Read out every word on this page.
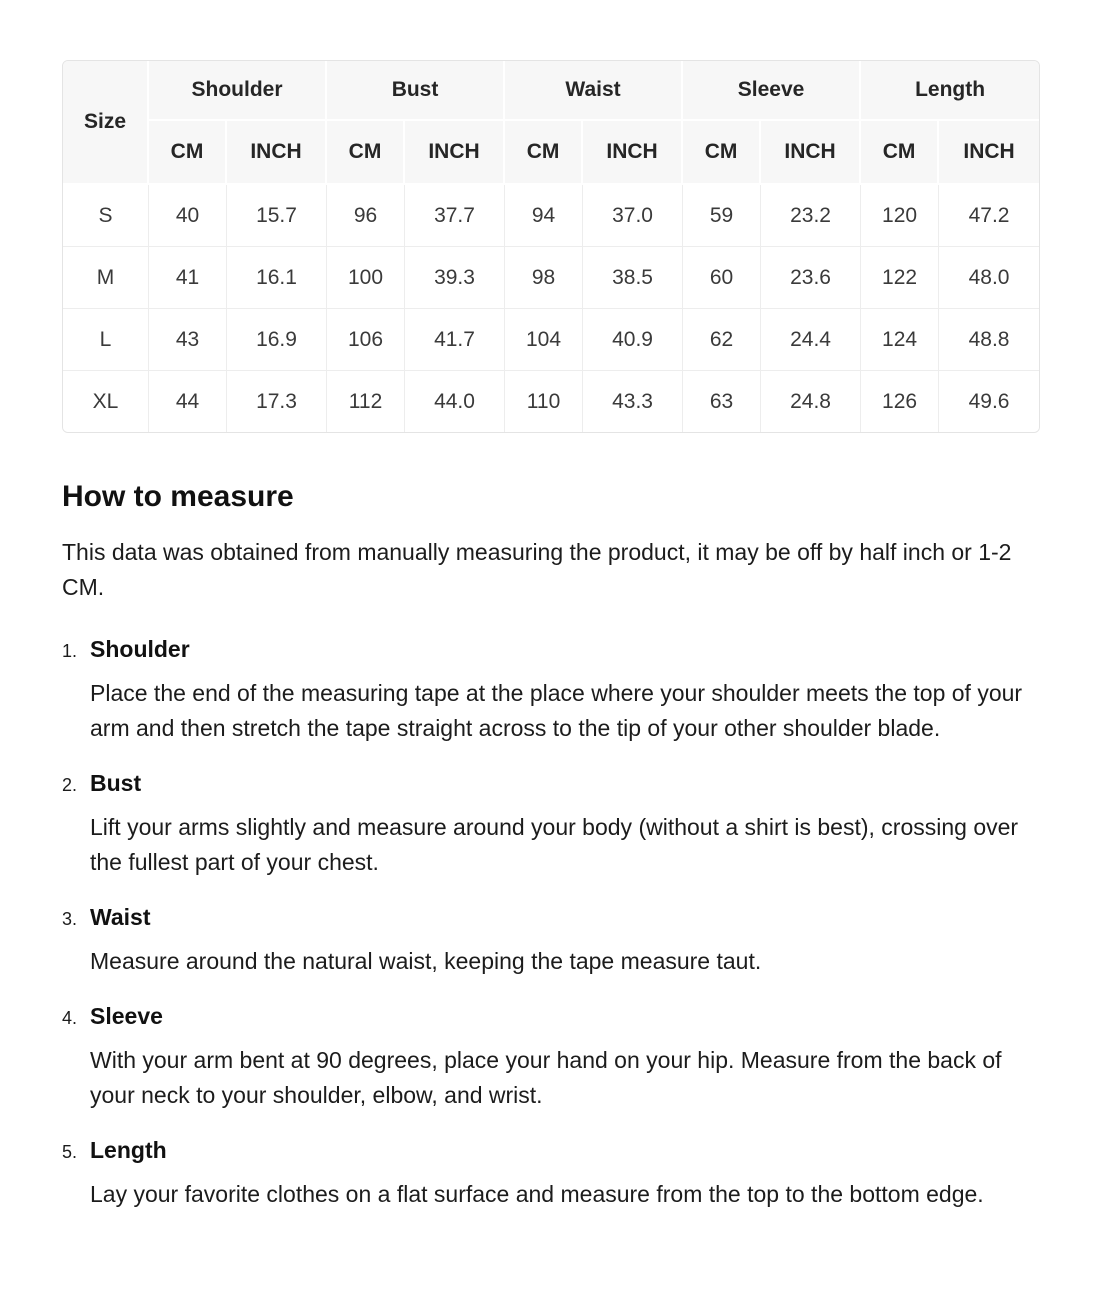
Size	Shoulder		Bust		Waist		Sleeve		Length	
	CM	INCH	CM	INCH	CM	INCH	CM	INCH	CM	INCH
S	40	15.7	96	37.7	94	37.0	59	23.2	120	47.2
M	41	16.1	100	39.3	98	38.5	60	23.6	122	48.0
L	43	16.9	106	41.7	104	40.9	62	24.4	124	48.8
XL	44	17.3	112	44.0	110	43.3	63	24.8	126	49.6
How to measure

This data was obtained from manually measuring the product, it may be off by half inch or 1-2 CM.

1. Shoulder

Place the end of the measuring tape at the place where your shoulder meets the top of your arm and then stretch the tape straight across to the tip of your other shoulder blade.

2. Bust

Lift your arms slightly and measure around your body (without a shirt is best), crossing over the fullest part of your chest.

3. Waist

Measure around the natural waist, keeping the tape measure taut.

4. Sleeve

With your arm bent at 90 degrees, place your hand on your hip. Measure from the back of your neck to your shoulder, elbow, and wrist.

5. Length

Lay your favorite clothes on a flat surface and measure from the top to the bottom edge.
